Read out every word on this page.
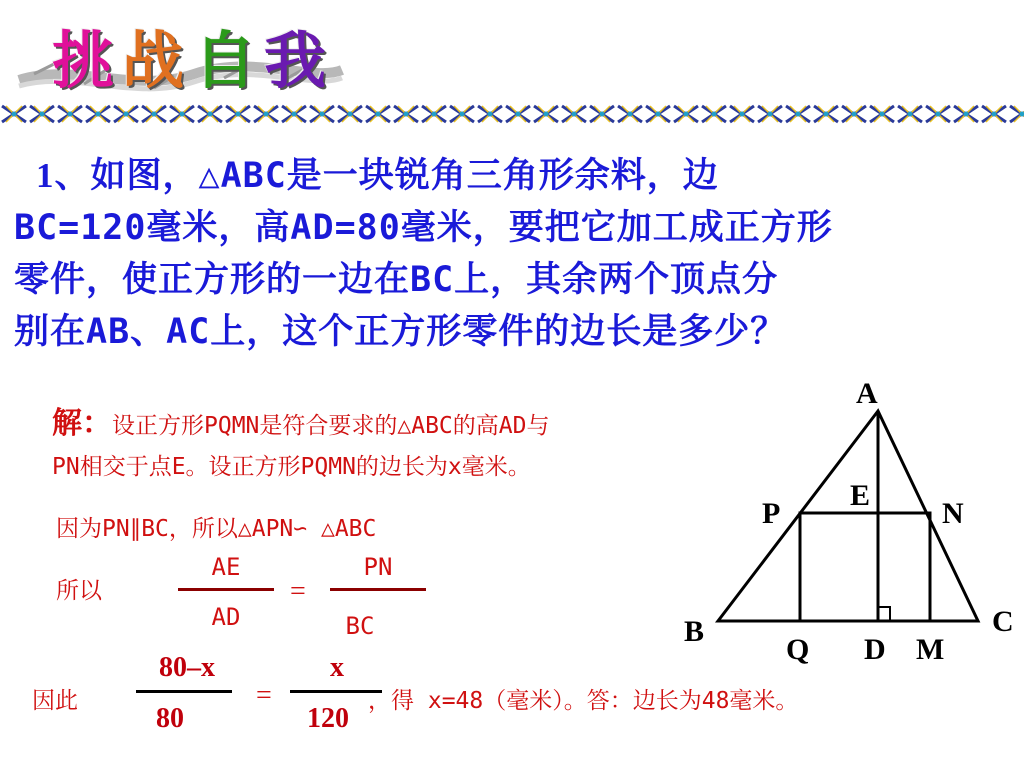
挑 战 自 我

1、如图，△ABC是一块锐角三角形余料，边
BC=120毫米，高AD=80毫米，要把它加工成正方形
零件，使正方形的一边在BC上，其余两个顶点分
别在AB、AC上，这个正方形零件的边长是多少？

解：设正方形PQMN是符合要求的△ABC的高AD与
PN相交于点E。设正方形PQMN的边长为x毫米。
因为PN∥BC，所以△APN∽ △ABC
所以
AE
AD
=
PN
BC
因此
80–x
80
=
x
120
，得 x=48（毫米）。答：边长为48毫米。
A
E
P	N
B	C
Q D M
